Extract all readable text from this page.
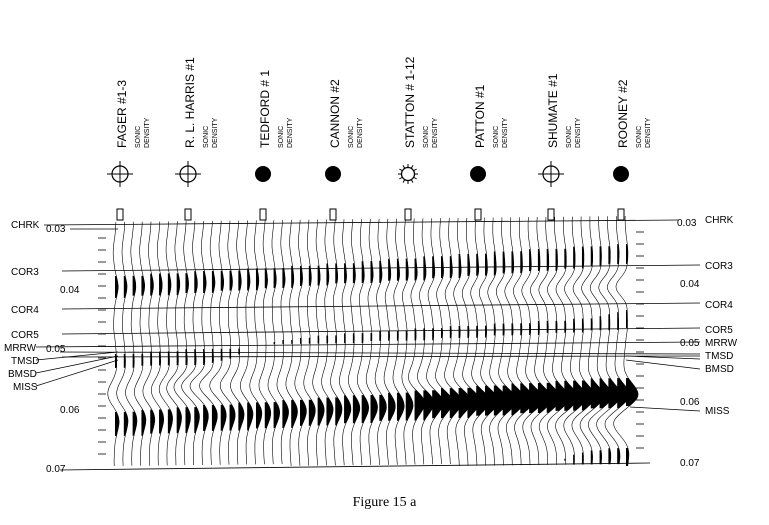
FAGER #1-3 SONIC DENSITY	R. L. HARRIS #1 SONIC DENSITY	TEDFORD # 1 SONIC DENSITY	CANNON #2 SONIC DENSITY	STATTON # 1-12 SONIC DENSITY	PATTON #1 SONIC DENSITY	SHUMATE #1 SONIC DENSITY	ROONEY #2 SONIC DENSITY
0.03
0.04
0.05
0.06
0.07
0.03
0.04
0.05
0.06
0.07
CHRK
COR3
COR4
COR5
MRRW
TMSD
BMSD
MISS
CHRK
COR3
COR4
COR5
MRRW
TMSD
BMSD
MISS
Figure 15 a
